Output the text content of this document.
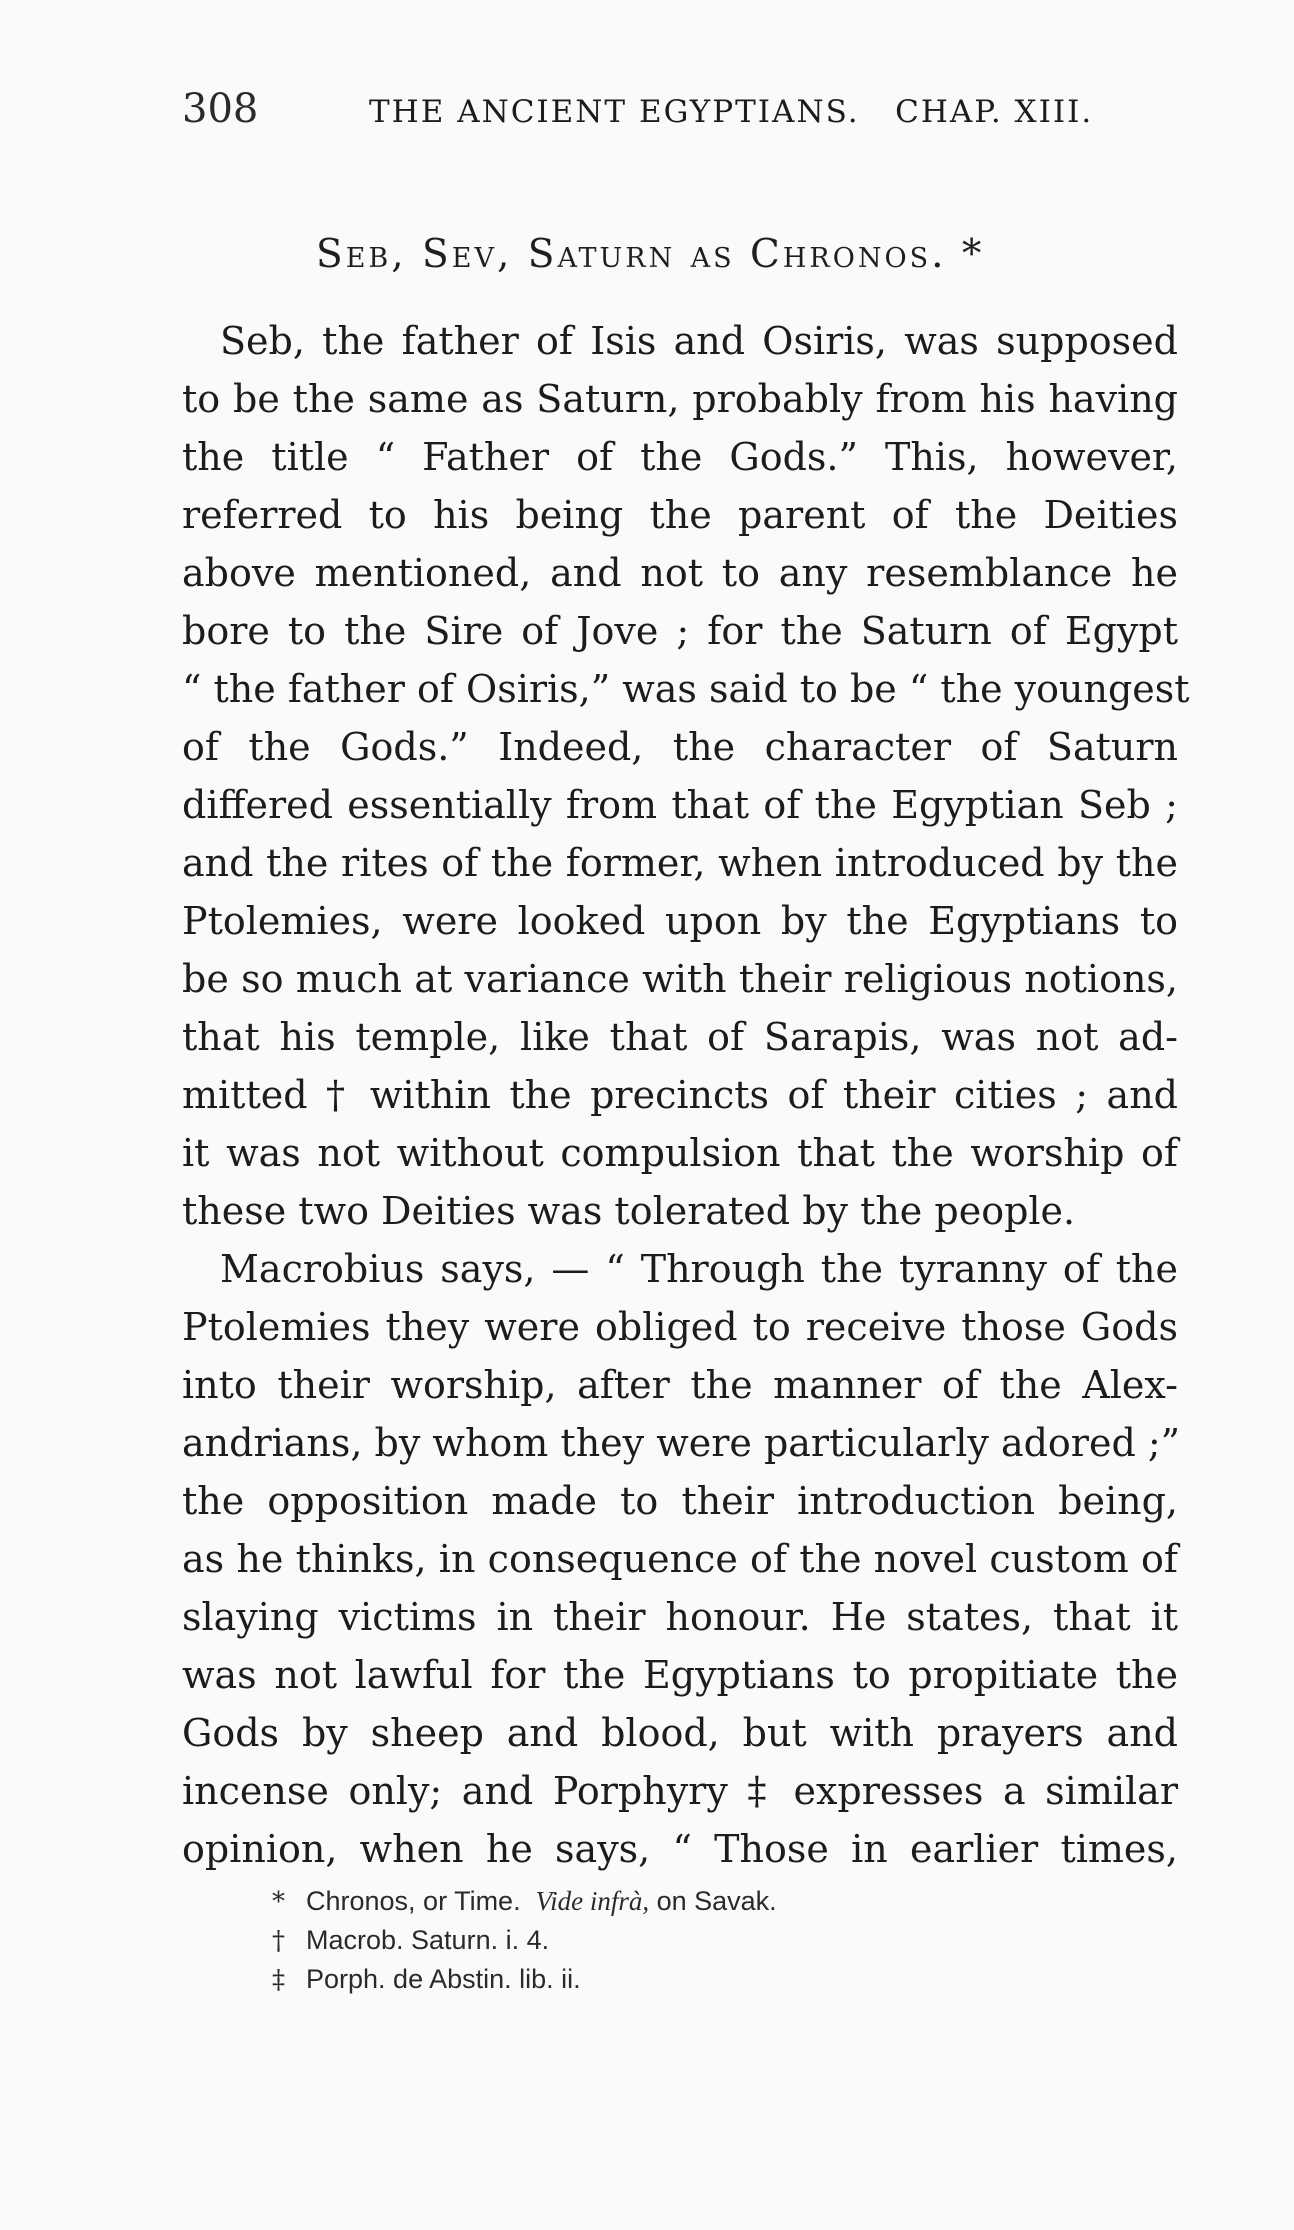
308	THE ANCIENT EGYPTIANS.   CHAP. XIII.
Seb, Sev, Saturn as Chronos. *
Seb, the father of Isis and Osiris, was supposed
to be the same as Saturn, probably from his having
the title “ Father of the Gods.” This, however,
referred to his being the parent of the Deities
above mentioned, and not to any resemblance he
bore to the Sire of Jove ; for the Saturn of Egypt
“ the father of Osiris,” was said to be “ the youngest
of the Gods.” Indeed, the character of Saturn
differed essentially from that of the Egyptian Seb ;
and the rites of the former, when introduced by the
Ptolemies, were looked upon by the Egyptians to
be so much at variance with their religious notions,
that his temple, like that of Sarapis, was not ad-
mitted † within the precincts of their cities ; and
it was not without compulsion that the worship of
these two Deities was tolerated by the people.
Macrobius says, — “ Through the tyranny of the
Ptolemies they were obliged to receive those Gods
into their worship, after the manner of the Alex-
andrians, by whom they were particularly adored ;”
the opposition made to their introduction being,
as he thinks, in consequence of the novel custom of
slaying victims in their honour. He states, that it
was not lawful for the Egyptians to propitiate the
Gods by sheep and blood, but with prayers and
incense only; and Porphyry ‡ expresses a similar
opinion, when he says, “ Those in earlier times,
* Chronos, or Time.  Vide infrà, on Savak.
† Macrob. Saturn. i. 4.
‡ Porph. de Abstin. lib. ii.
